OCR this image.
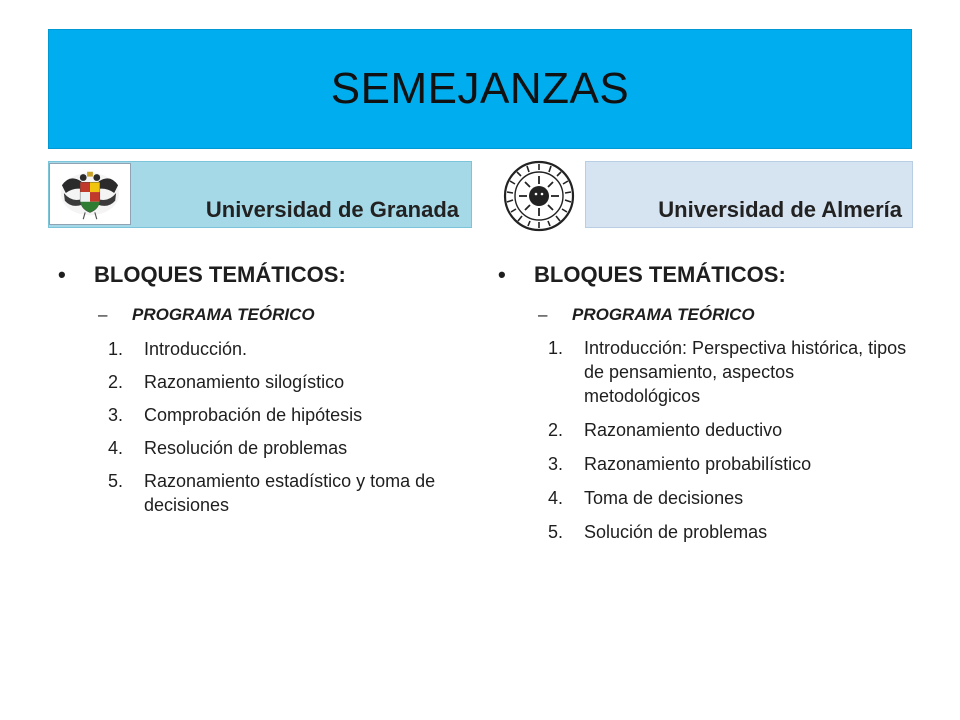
SEMEJANZAS
Universidad de Granada	Universidad de Almería
•	BLOQUES TEMÁTICOS:
–	PROGRAMA TEÓRICO
1.	Introducción.
2.	Razonamiento silogístico
3.	Comprobación de hipótesis
4.	Resolución de problemas
5.	Razonamiento estadístico y toma de decisiones
•	BLOQUES TEMÁTICOS:
–	PROGRAMA TEÓRICO
1.	Introducción: Perspectiva histórica, tipos de pensamiento, aspectos metodológicos
2.	Razonamiento deductivo
3.	Razonamiento probabilístico
4.	Toma de decisiones
5.	Solución de problemas
